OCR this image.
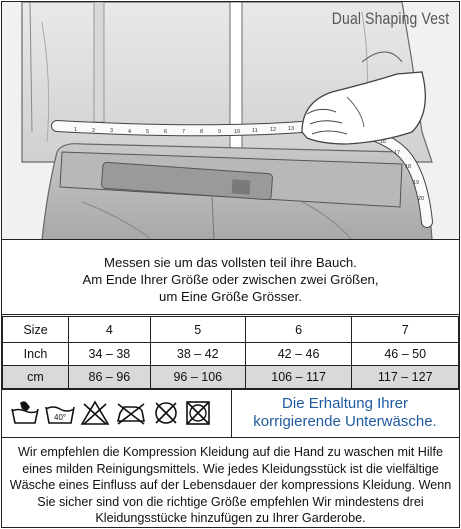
1	2	3	4	5	6	7	8	9 10 11 12 13
16
17
18
19
20
Dual Shaping Vest
Messen sie um das vollsten teil ihre Bauch.
Am Ende Ihrer Größe oder zwischen zwei Größen,
um Eine Größe Grösser.
Size	4	5	6	7
Inch	34 – 38	38 – 42	42 – 46	46 – 50
cm	86 – 96	96 – 106	106 – 117	117 – 127
40°
Die Erhaltung Ihrer
korrigierende Unterwäsche.
Wir empfehlen die Kompression Kleidung auf die Hand zu waschen mit Hilfe eines milden Reinigungsmittels. Wie jedes Kleidungsstück ist die vielfältige Wäsche eines Einfluss auf der Lebensdauer der kompressions Kleidung. Wenn Sie sicher sind von die richtige Größe empfehlen Wir mindestens drei Kleidungsstücke hinzufügen zu Ihrer Garderobe.
